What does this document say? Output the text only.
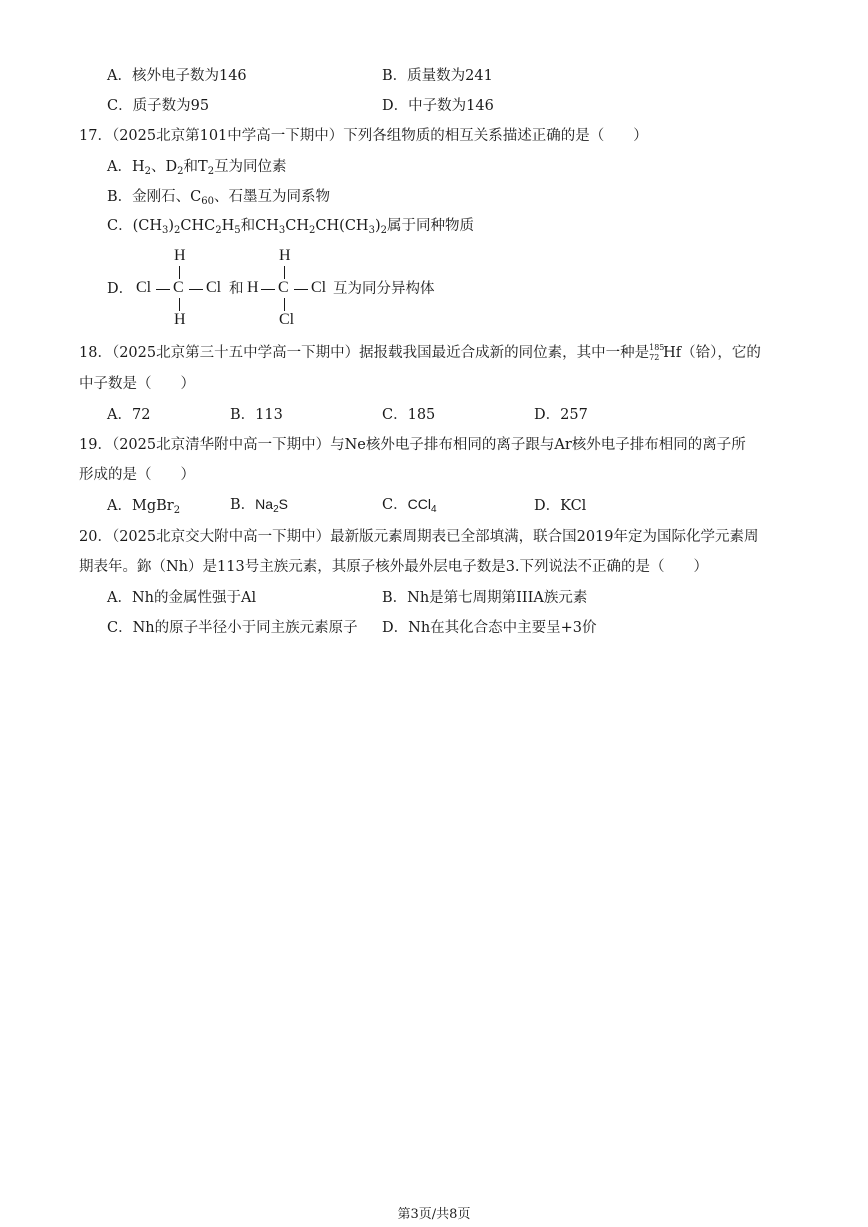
A．核外电子数为146	B．质量数为241
C．质子数为95	D．中子数为146
17．（2025北京第101中学高一下期中）下列各组物质的相互关系描述正确的是（　　）
A．$H_2$、$D_2$和$T_2$互为同位素
B．金刚石、$C_{60}$、石墨互为同系物
C．$(CH_3)_2CHC_2H_5$和$CH_3CH_2CH(CH_3)_2$属于同种物质
D．
H
Cl C Cl
H
和
H
H C Cl
Cl
互为同分异构体
18．（2025北京第三十五中学高一下期中）据报载我国最近合成新的同位素，其中一种是 185
72 Hf（铪），它的
中子数是（　　）
A．72	B．113	C．185	D．257
19．（2025北京清华附中高一下期中）与Ne核外电子排布相同的离子跟与Ar核外电子排布相同的离子所
形成的是（　　）
A．MgBr$_2$	B．$Na_2S$	C．CCl$_4$	D．KCl
20．（2025北京交大附中高一下期中）最新版元素周期表已全部填满，联合国2019年定为国际化学元素周
期表年。鉨（Nh）是113号主族元素，其原子核外最外层电子数是3.下列说法不正确的是（　　）
A．Nh的金属性强于Al	B．Nh是第七周期第IIIA族元素
C．Nh的原子半径小于同主族元素原子 D．Nh在其化合态中主要呈+3价
第3页/共8页
